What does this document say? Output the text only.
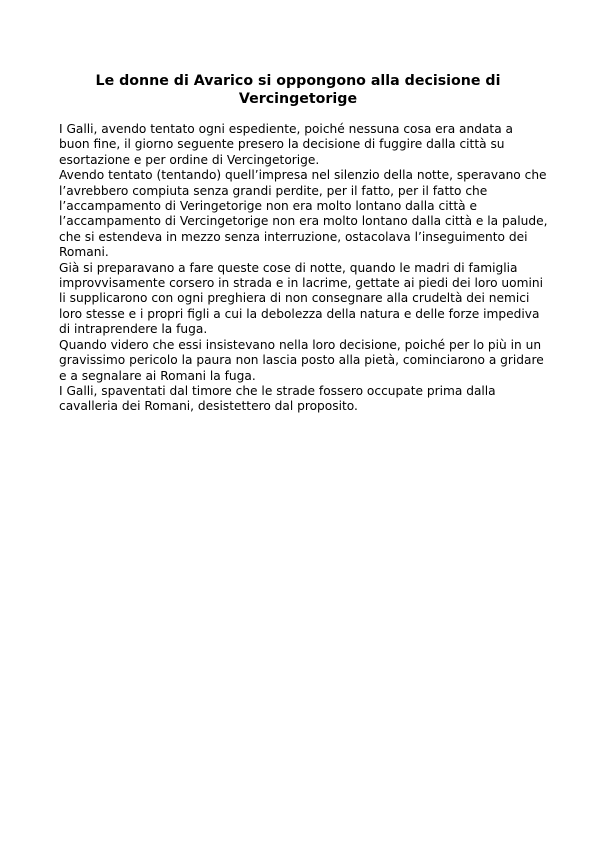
Le donne di Avarico si oppongono alla decisione di
Vercingetorige
I Galli, avendo tentato ogni espediente, poiché nessuna cosa era andata a
buon fine, il giorno seguente presero la decisione di fuggire dalla città su
esortazione e per ordine di Vercingetorige.
Avendo tentato (tentando) quell’impresa nel silenzio della notte, speravano che
l’avrebbero compiuta senza grandi perdite, per il fatto, per il fatto che
l’accampamento di Veringetorige non era molto lontano dalla città e
l’accampamento di Vercingetorige non era molto lontano dalla città e la palude,
che si estendeva in mezzo senza interruzione, ostacolava l’inseguimento dei
Romani.
Già si preparavano a fare queste cose di notte, quando le madri di famiglia
improvvisamente corsero in strada e in lacrime, gettate ai piedi dei loro uomini
li supplicarono con ogni preghiera di non consegnare alla crudeltà dei nemici
loro stesse e i propri figli a cui la debolezza della natura e delle forze impediva
di intraprendere la fuga.
Quando videro che essi insistevano nella loro decisione, poiché per lo più in un
gravissimo pericolo la paura non lascia posto alla pietà, cominciarono a gridare
e a segnalare ai Romani la fuga.
I Galli, spaventati dal timore che le strade fossero occupate prima dalla
cavalleria dei Romani, desistettero dal proposito.
